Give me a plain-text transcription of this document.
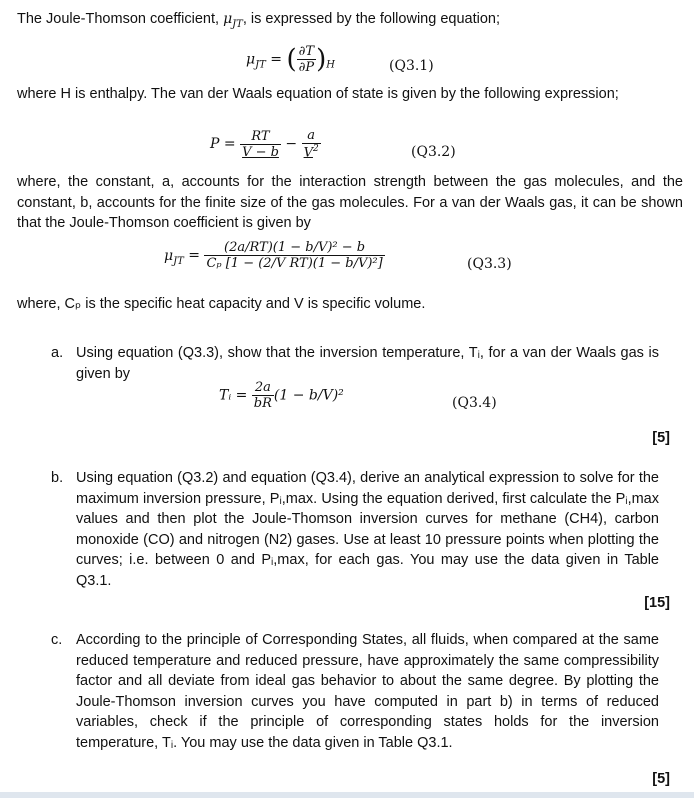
The Joule-Thomson coefficient, $\mu_{JT}$, is expressed by the following equation;
$\mu_{JT}$ = ( $\frac{\partial T}{\partial P} )_H$	(Q3.1)
where H is enthalpy. The van der Waals equation of state is given by the following expression;
$P = \frac{RT}{V - b} - \frac{a}{V^2}$	(Q3.2)
where, the constant, a, accounts for the interaction strength between the gas molecules, and the constant, b, accounts for the finite size of the gas molecules. For a van der Waals gas, it can be shown that the Joule-Thomson coefficient is given by
$\mu_{JT} = \frac{\text{(2a/RT)(1 − b/V)² − b}}{\text{Cₚ [1 − (2/V RT)(1 − b/V)²]}}$	(Q3.3)
where, Cₚ is the specific heat capacity and V is specific volume.
a. Using equation (Q3.3), show that the inversion temperature, Tᵢ, for a van der Waals gas is given by
Tᵢ = $\frac{2a}{bR} (1 - b/V)^2$	(Q3.4)
[5]
b. Using equation (Q3.2) and equation (Q3.4), derive an analytical expression to solve for the maximum inversion pressure, Pᵢ,max. Using the equation derived, first calculate the Pᵢ,max values and then plot the Joule-Thomson inversion curves for methane (CH4), carbon monoxide (CO) and nitrogen (N2) gases. Use at least 10 pressure points when plotting the curves; i.e. between 0 and Pᵢ,max, for each gas. You may use the data given in Table Q3.1.
[15]
c. According to the principle of Corresponding States, all fluids, when compared at the same reduced temperature and reduced pressure, have approximately the same compressibility factor and all deviate from ideal gas behavior to about the same degree. By plotting the Joule-Thomson inversion curves you have computed in part b) in terms of reduced variables, check if the principle of corresponding states holds for the inversion temperature, Tᵢ. You may use the data given in Table Q3.1.
[5]
